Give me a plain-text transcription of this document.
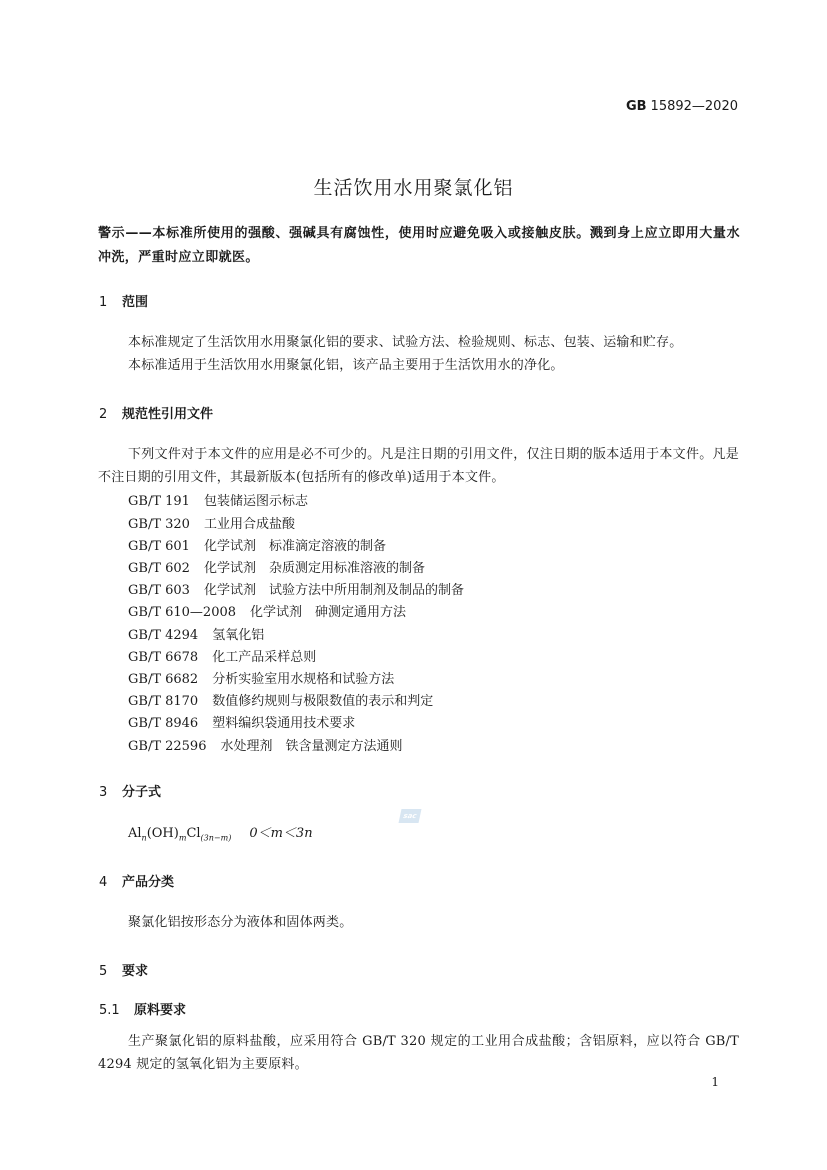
GB 15892—2020
生活饮用水用聚氯化铝
警示——本标准所使用的强酸、强碱具有腐蚀性，使用时应避免吸入或接触皮肤。溅到身上应立即用大量水冲洗，严重时应立即就医。
1 范围
本标准规定了生活饮用水用聚氯化铝的要求、试验方法、检验规则、标志、包装、运输和贮存。
本标准适用于生活饮用水用聚氯化铝，该产品主要用于生活饮用水的净化。
2 规范性引用文件
下列文件对于本文件的应用是必不可少的。凡是注日期的引用文件，仅注日期的版本适用于本文件。凡是不注日期的引用文件，其最新版本(包括所有的修改单)适用于本文件。
GB/T 191 包装储运图示标志
GB/T 320 工业用合成盐酸
GB/T 601 化学试剂　标准滴定溶液的制备
GB/T 602 化学试剂　杂质测定用标准溶液的制备
GB/T 603 化学试剂　试验方法中所用制剂及制品的制备
GB/T 610—2008 化学试剂　砷测定通用方法
GB/T 4294 氢氧化铝
GB/T 6678 化工产品采样总则
GB/T 6682 分析实验室用水规格和试验方法
GB/T 8170 数值修约规则与极限数值的表示和判定
GB/T 8946 塑料编织袋通用技术要求
GB/T 22596 水处理剂　铁含量测定方法通则
3 分子式
$Al_n(OH)_mCl_{(3n-m)}$ 0＜m＜3n
sac
4 产品分类
聚氯化铝按形态分为液体和固体两类。
5 要求
5.1 原料要求
生产聚氯化铝的原料盐酸，应采用符合 GB/T 320 规定的工业用合成盐酸；含铝原料，应以符合 GB/T 4294 规定的氢氧化铝为主要原料。
1
